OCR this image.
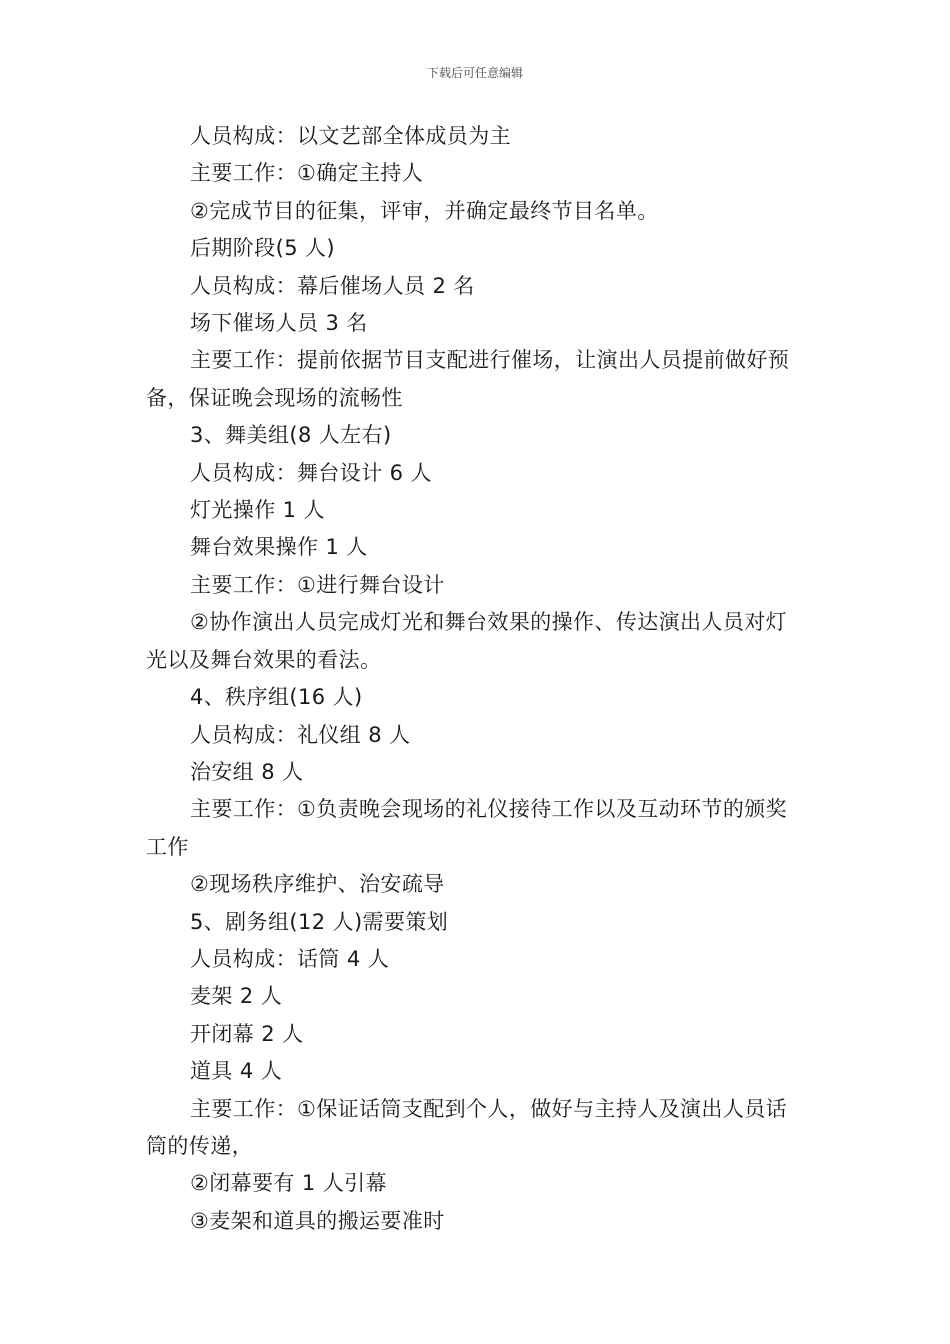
下载后可任意编辑

人员构成：以文艺部全体成员为主

主要工作：①确定主持人

②完成节目的征集，评审，并确定最终节目名单。

后期阶段(5 人)

人员构成：幕后催场人员 2 名

场下催场人员 3 名

主要工作：提前依据节目支配进行催场，让演出人员提前做好预备，保证晚会现场的流畅性

3、舞美组(8 人左右)

人员构成：舞台设计 6 人

灯光操作 1 人

舞台效果操作 1 人

主要工作：①进行舞台设计

②协作演出人员完成灯光和舞台效果的操作、传达演出人员对灯光以及舞台效果的看法。

4、秩序组(16 人)

人员构成：礼仪组 8 人

治安组 8 人

主要工作：①负责晚会现场的礼仪接待工作以及互动环节的颁奖工作

②现场秩序维护、治安疏导

5、剧务组(12 人)需要策划

人员构成：话筒 4 人

麦架 2 人

开闭幕 2 人

道具 4 人

主要工作：①保证话筒支配到个人，做好与主持人及演出人员话筒的传递，

②闭幕要有 1 人引幕

③麦架和道具的搬运要准时
